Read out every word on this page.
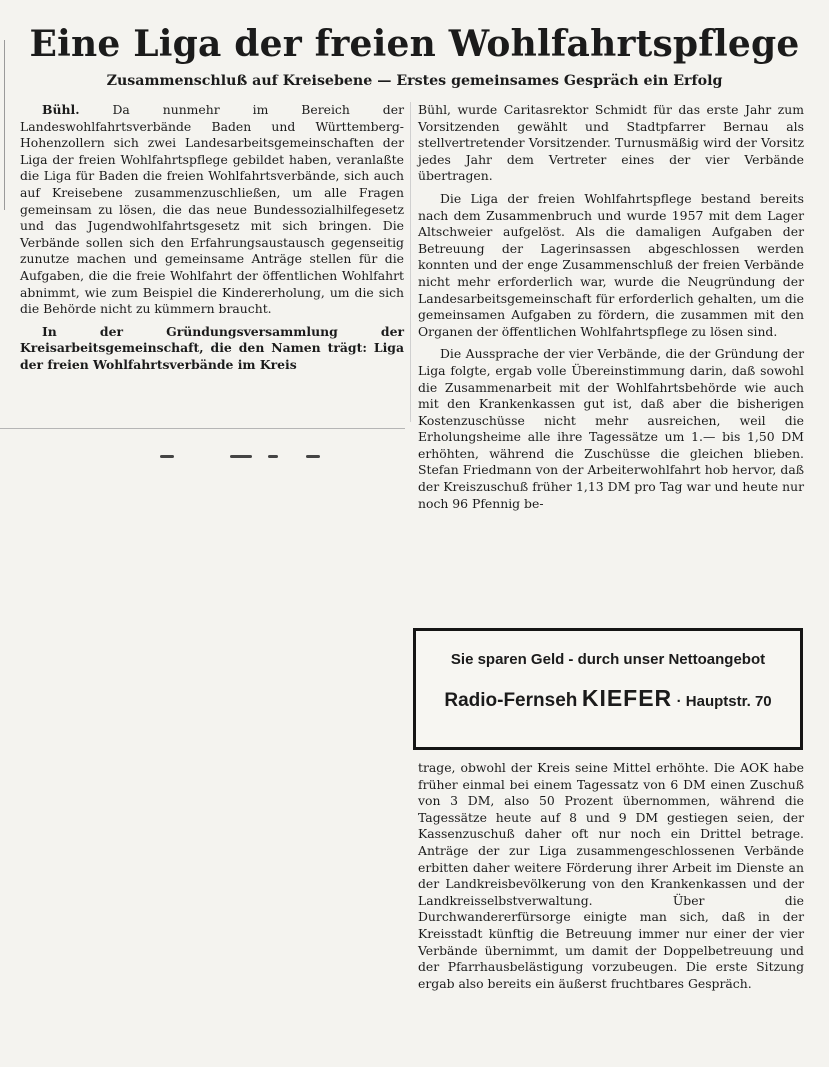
Eine Liga der freien Wohlfahrtspflege
Zusammenschluß auf Kreisebene — Erstes gemeinsames Gespräch ein Erfolg

Bühl. Da nunmehr im Bereich der Landeswohlfahrtsverbände Baden und Württemberg-Hohenzollern sich zwei Landesarbeitsgemeinschaften der Liga der freien Wohlfahrtspflege gebildet haben, veranlaßte die Liga für Baden die freien Wohlfahrtsverbände, sich auch auf Kreisebene zusammenzuschließen, um alle Fragen gemeinsam zu lösen, die das neue Bundessozialhilfegesetz und das Jugendwohlfahrtsgesetz mit sich bringen. Die Verbände sollen sich den Erfahrungsaustausch gegenseitig zunutze machen und gemeinsame Anträge stellen für die Aufgaben, die die freie Wohlfahrt der öffentlichen Wohlfahrt abnimmt, wie zum Beispiel die Kindererholung, um die sich die Behörde nicht zu kümmern braucht.

In der Gründungsversammlung der Kreisarbeitsgemeinschaft, die den Namen trägt: Liga der freien Wohlfahrtsverbände im Kreis

Bühl, wurde Caritasrektor Schmidt für das erste Jahr zum Vorsitzenden gewählt und Stadtpfarrer Bernau als stellvertretender Vorsitzender. Turnusmäßig wird der Vorsitz jedes Jahr dem Vertreter eines der vier Verbände übertragen.

Die Liga der freien Wohlfahrtspflege bestand bereits nach dem Zusammenbruch und wurde 1957 mit dem Lager Altschweier aufgelöst. Als die damaligen Aufgaben der Betreuung der Lagerinsassen abgeschlossen werden konnten und der enge Zusammenschluß der freien Verbände nicht mehr erforderlich war, wurde die Neugründung der Landesarbeitsgemeinschaft für erforderlich gehalten, um die gemeinsamen Aufgaben zu fördern, die zusammen mit den Organen der öffentlichen Wohlfahrtspflege zu lösen sind.

Die Aussprache der vier Verbände, die der Gründung der Liga folgte, ergab volle Übereinstimmung darin, daß sowohl die Zusammenarbeit mit der Wohlfahrtsbehörde wie auch mit den Krankenkassen gut ist, daß aber die bisherigen Kostenzuschüsse nicht mehr ausreichen, weil die Erholungsheime alle ihre Tagessätze um 1.— bis 1,50 DM erhöhten, während die Zuschüsse die gleichen blieben. Stefan Friedmann von der Arbeiterwohlfahrt hob hervor, daß der Kreiszuschuß früher 1,13 DM pro Tag war und heute nur noch 96 Pfennig be-

Sie sparen Geld - durch unser Nettoangebot
Radio-Fernseh KIEFER · Hauptstr. 70

trage, obwohl der Kreis seine Mittel erhöhte. Die AOK habe früher einmal bei einem Tagessatz von 6 DM einen Zuschuß von 3 DM, also 50 Prozent übernommen, während die Tagessätze heute auf 8 und 9 DM gestiegen seien, der Kassenzuschuß daher oft nur noch ein Drittel betrage. Anträge der zur Liga zusammengeschlossenen Verbände erbitten daher weitere Förderung ihrer Arbeit im Dienste an der Landkreisbevölkerung von den Krankenkassen und der Landkreisselbstverwaltung. Über die Durchwandererfürsorge einigte man sich, daß in der Kreisstadt künftig die Betreuung immer nur einer der vier Verbände übernimmt, um damit der Doppelbetreuung und der Pfarrhausbelästigung vorzubeugen. Die erste Sitzung ergab also bereits ein äußerst fruchtbares Gespräch.
